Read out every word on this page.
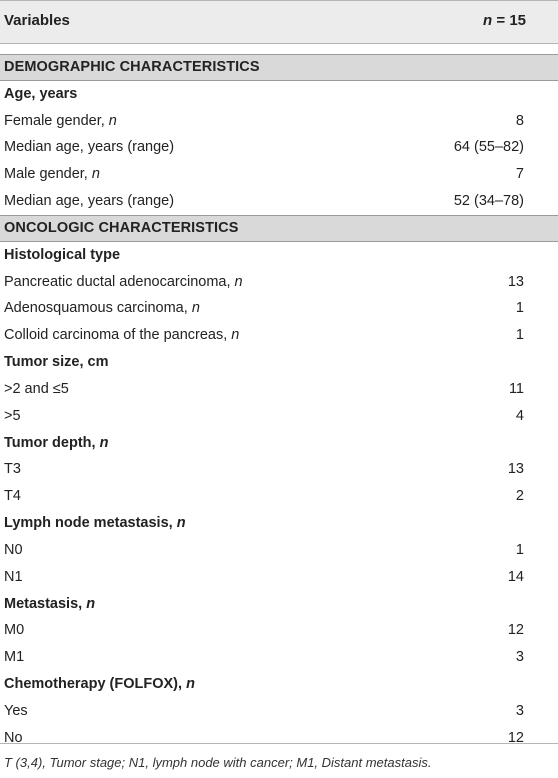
Variables	n = 15
DEMOGRAPHIC CHARACTERISTICS
Age, years
Female gender, n	8
Median age, years (range)	64 (55–82)
Male gender, n	7
Median age, years (range)	52 (34–78)
ONCOLOGIC CHARACTERISTICS
Histological type
Pancreatic ductal adenocarcinoma, n	13
Adenosquamous carcinoma, n	1
Colloid carcinoma of the pancreas, n	1
Tumor size, cm
>2 and ≤5	11
>5	4
Tumor depth, n
T3	13
T4	2
Lymph node metastasis, n
N0	1
N1	14
Metastasis, n
M0	12
M1	3
Chemotherapy (FOLFOX), n
Yes	3
No	12
T (3,4), Tumor stage; N1, lymph node with cancer; M1, Distant metastasis.
